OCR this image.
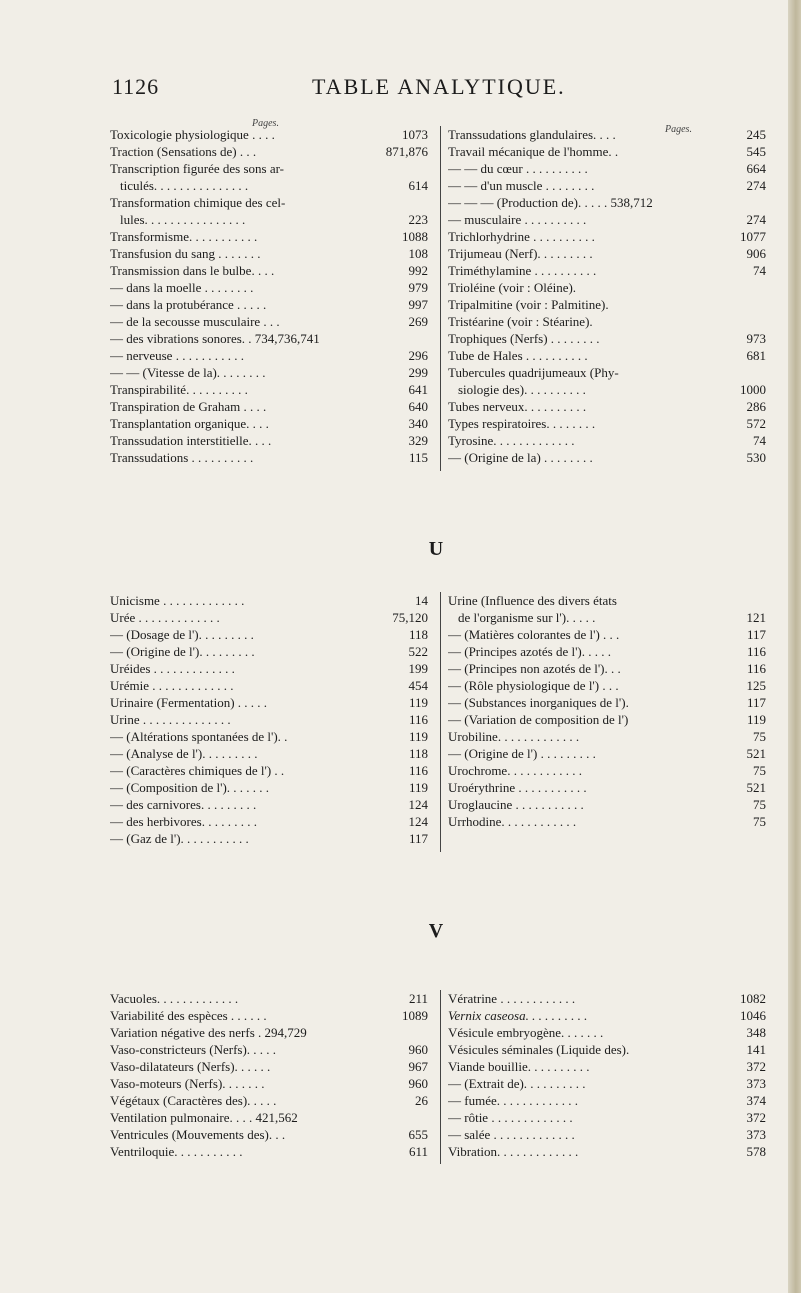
1126	TABLE ANALYTIQUE.
Pages.
Pages.
Toxicologie physiologique . . . .	1073
Traction (Sensations de) . . .	871,876
Transcription figurée des sons ar-
ticulés. . . . . . . . . . . . . . .	614
Transformation chimique des cel-
lules. . . . . . . . . . . . . . . .	223
Transformisme. . . . . . . . . . .	1088
Transfusion du sang . . . . . . .	108
Transmission dans le bulbe. . . .	992
— dans la moelle . . . . . . . .	979
— dans la protubérance . . . . .	997
— de la secousse musculaire . . .	269
— des vibrations sonores. . 734,736,741
— nerveuse . . . . . . . . . . .	296
— — (Vitesse de la). . . . . . . .	299
Transpirabilité. . . . . . . . . .	641
Transpiration de Graham . . . .	640
Transplantation organique. . . .	340
Transsudation interstitielle. . . .	329
Transsudations . . . . . . . . . .	115
Transsudations glandulaires. . . .	245
Travail mécanique de l'homme. .	545
— — du cœur . . . . . . . . . .	664
— — d'un muscle . . . . . . . .	274
— — — (Production de). . . . . 538,712
— musculaire . . . . . . . . . .	274
Trichlorhydrine . . . . . . . . . .	1077
Trijumeau (Nerf). . . . . . . . .	906
Triméthylamine . . . . . . . . . .	74
Trioléine (voir : Oléine).
Tripalmitine (voir : Palmitine).
Tristéarine (voir : Stéarine).
Trophiques (Nerfs) . . . . . . . .	973
Tube de Hales . . . . . . . . . .	681
Tubercules quadrijumeaux (Phy-
siologie des). . . . . . . . . .	1000
Tubes nerveux. . . . . . . . . .	286
Types respiratoires. . . . . . . .	572
Tyrosine. . . . . . . . . . . . .	74
— (Origine de la) . . . . . . . .	530
U
Unicisme . . . . . . . . . . . . .	14
Urée . . . . . . . . . . . . .	75,120
— (Dosage de l'). . . . . . . . .	118
— (Origine de l'). . . . . . . . .	522
Uréides . . . . . . . . . . . . .	199
Urémie . . . . . . . . . . . . .	454
Urinaire (Fermentation) . . . . .	119
Urine . . . . . . . . . . . . . .	116
— (Altérations spontanées de l'). .	119
— (Analyse de l'). . . . . . . . .	118
— (Caractères chimiques de l') . .	116
— (Composition de l'). . . . . . .	119
— des carnivores. . . . . . . . .	124
— des herbivores. . . . . . . . .	124
— (Gaz de l'). . . . . . . . . . .	117
Urine (Influence des divers états
de l'organisme sur l'). . . . .	121
— (Matières colorantes de l') . . .	117
— (Principes azotés de l'). . . . .	116
— (Principes non azotés de l'). . .	116
— (Rôle physiologique de l') . . .	125
— (Substances inorganiques de l').	117
— (Variation de composition de l')	119
Urobiline. . . . . . . . . . . . .	75
— (Origine de l') . . . . . . . . .	521
Urochrome. . . . . . . . . . . .	75
Uroérythrine . . . . . . . . . . .	521
Uroglaucine . . . . . . . . . . .	75
Urrhodine. . . . . . . . . . . .	75
V
Vacuoles. . . . . . . . . . . . .	211
Variabilité des espèces . . . . . .	1089
Variation négative des nerfs . 294,729
Vaso-constricteurs (Nerfs). . . . .	960
Vaso-dilatateurs (Nerfs). . . . . .	967
Vaso-moteurs (Nerfs). . . . . . .	960
Végétaux (Caractères des). . . . .	26
Ventilation pulmonaire. . . . 421,562
Ventricules (Mouvements des). . .	655
Ventriloquie. . . . . . . . . . .	611
Vératrine . . . . . . . . . . . .	1082
Vernix caseosa. . . . . . . . . .	1046
Vésicule embryogène. . . . . . .	348
Vésicules séminales (Liquide des).	141
Viande bouillie. . . . . . . . . .	372
— (Extrait de). . . . . . . . . .	373
— fumée. . . . . . . . . . . . .	374
— rôtie . . . . . . . . . . . . .	372
— salée . . . . . . . . . . . . .	373
Vibration. . . . . . . . . . . . .	578
